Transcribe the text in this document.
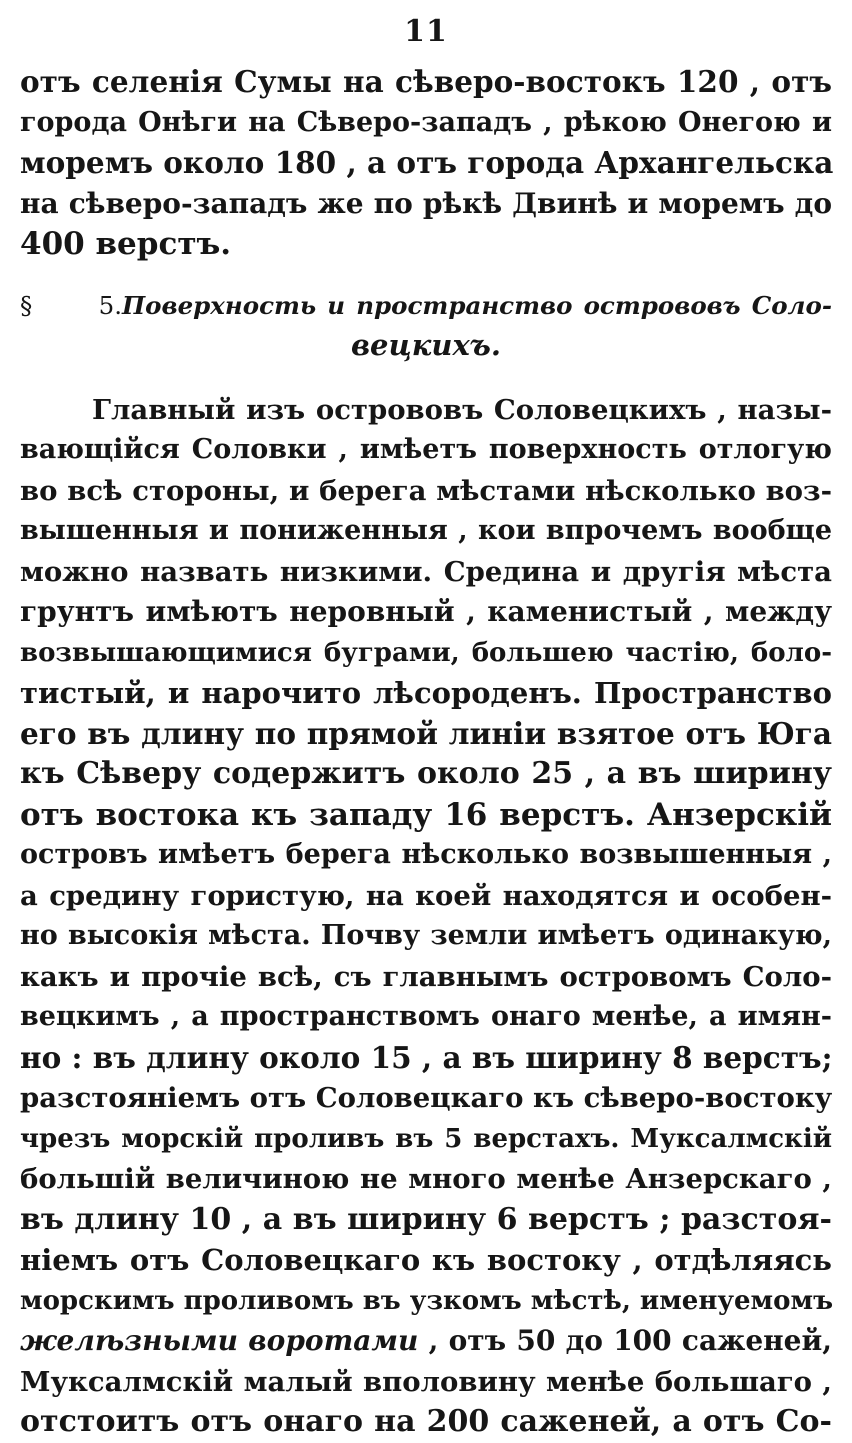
11
отъ селенія Сумы на сѣверо-востокъ 120 , отъ
города Онѣги на Сѣверо-западъ , рѣкою Онегою и
моремъ около 180 , а отъ города Архангельска
на сѣверо-западъ же по рѣкѣ Двинѣ и моремъ до
400 верстъ.
§ 5.Поверхность и пространство острововъ Соло-
вецкихъ.
Главный изъ острововъ Соловецкихъ , назы-
вающійся Соловки , имѣетъ поверхность отлогую
во всѣ стороны, и берега мѣстами нѣсколько воз-
вышенныя и пониженныя , кои впрочемъ вообще
можно назвать низкими. Средина и другія мѣста
грунтъ имѣютъ неровный , каменистый , между
возвышающимися буграми, большею частію, боло-
тистый, и нарочито лѣсороденъ. Пространство
его въ длину по прямой линіи взятое отъ Юга
къ Сѣверу содержитъ около 25 , а въ ширину
отъ востока къ западу 16 верстъ. Анзерскій
островъ имѣетъ берега нѣсколько возвышенныя ,
а средину гористую, на коей находятся и особен-
но высокія мѣста. Почву земли имѣетъ одинакую,
какъ и прочіе всѣ, съ главнымъ островомъ Соло-
вецкимъ , а пространствомъ онаго менѣе, а имян-
но : въ длину около 15 , а въ ширину 8 верстъ;
разстояніемъ отъ Соловецкаго къ сѣверо-востоку
чрезъ морскій проливъ въ 5 верстахъ. Муксалмскій
большій величиною не много менѣе Анзерскаго ,
въ длину 10 , а въ ширину 6 верстъ ; разстоя-
ніемъ отъ Соловецкаго къ востоку , отдѣляясь
морскимъ проливомъ въ узкомъ мѣстѣ, именуемомъ
желѣзными воротами , отъ 50 до 100 саженей,
Муксалмскій малый вполовину менѣе большаго ,
отстоитъ отъ онаго на 200 саженей, а отъ Со-
